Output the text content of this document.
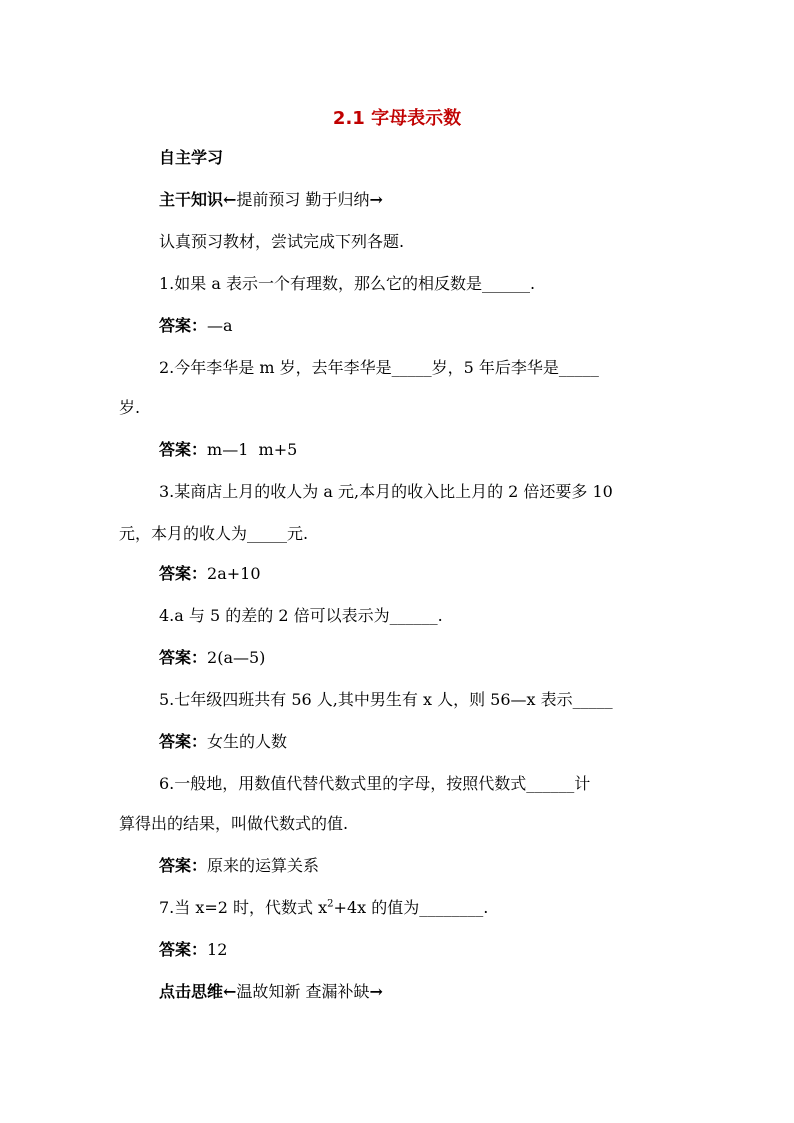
2.1 字母表示数
自主学习
主干知识←提前预习 勤于归纳→
认真预习教材，尝试完成下列各题.
1.如果 a 表示一个有理数，那么它的相反数是______.
答案：—a
2.今年李华是 m 岁，去年李华是_____岁，5 年后李华是_____
岁.
答案：m—1  m+5
3.某商店上月的收人为 a 元,本月的收入比上月的 2 倍还要多 10
元，本月的收人为_____元.
答案：2a+10
4.a 与 5 的差的 2 倍可以表示为______.
答案：2(a—5)
5.七年级四班共有 56 人,其中男生有 x 人，则 56—x 表示_____
答案：女生的人数
6.一般地，用数值代替代数式里的字母，按照代数式______计
算得出的结果，叫做代数式的值.
答案：原来的运算关系
7.当 x=2 时，代数式 $x^2+4x$ 的值为________.
答案：12
点击思维←温故知新 查漏补缺→
